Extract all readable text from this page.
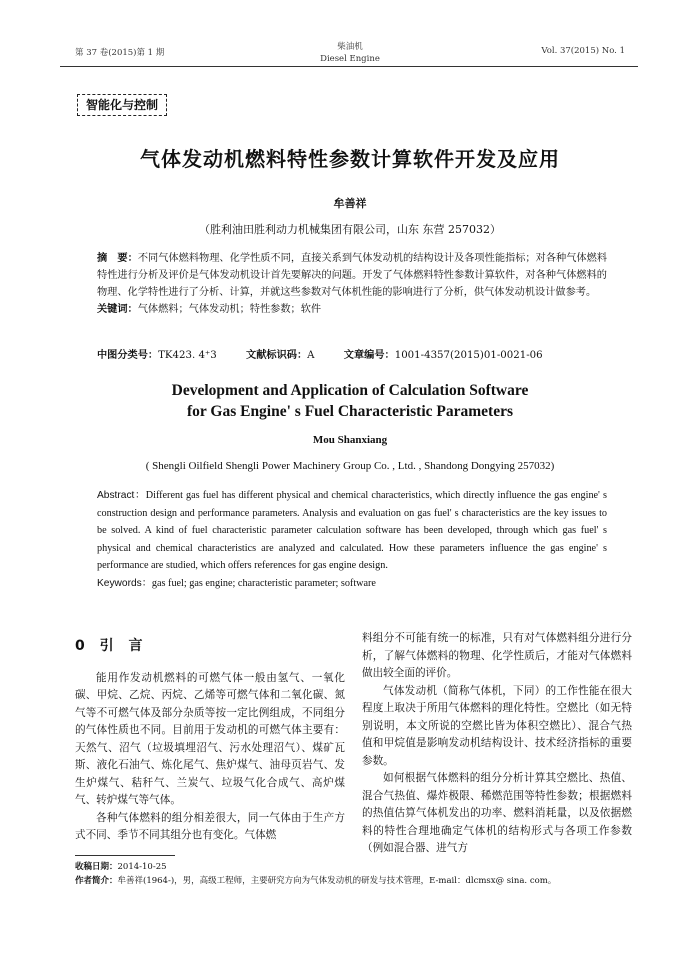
第 37 卷(2015)第 1 期
柴油机
Diesel Engine
Vol. 37(2015) No. 1
智能化与控制
气体发动机燃料特性参数计算软件开发及应用
牟善祥
（胜利油田胜利动力机械集团有限公司，山东 东营 257032）
摘　要：不同气体燃料物理、化学性质不同，直接关系到气体发动机的结构设计及各项性能指标；对各种气体燃料特性进行分析及评价是气体发动机设计首先要解决的问题。开发了气体燃料特性参数计算软件，对各种气体燃料的物理、化学特性进行了分析、计算，并就这些参数对气体机性能的影响进行了分析，供气体发动机设计做参考。
关键词：气体燃料；气体发动机；特性参数；软件
中图分类号：TK423. 4⁺3	文献标识码：A	文章编号：1001-4357(2015)01-0021-06
Development and Application of Calculation Software
for Gas Engine' s Fuel Characteristic Parameters
Mou Shanxiang
( Shengli Oilfield Shengli Power Machinery Group Co. , Ltd. , Shandong Dongying 257032)
Abstract：Different gas fuel has different physical and chemical characteristics, which directly influence the gas engine' s construction design and performance parameters. Analysis and evaluation on gas fuel' s characteristics are the key issues to be solved. A kind of fuel characteristic parameter calculation software has been developed, through which gas fuel' s physical and chemical characteristics are analyzed and calculated. How these parameters influence the gas engine' s performance are studied, which offers references for gas engine design.
Keywords：gas fuel; gas engine; characteristic parameter; software
0 引 言

能用作发动机燃料的可燃气体一般由氢气、一氧化碳、甲烷、乙烷、丙烷、乙烯等可燃气体和二氧化碳、氮气等不可燃气体及部分杂质等按一定比例组成，不同组分的气体性质也不同。目前用于发动机的可燃气体主要有：天然气、沼气（垃圾填埋沼气、污水处理沼气）、煤矿瓦斯、液化石油气、炼化尾气、焦炉煤气、油母页岩气、发生炉煤气、秸秆气、兰炭气、垃圾气化合成气、高炉煤气、转炉煤气等气体。

各种气体燃料的组分相差很大，同一气体由于生产方式不同、季节不同其组分也有变化。气体燃

料组分不可能有统一的标准，只有对气体燃料组分进行分析，了解气体燃料的物理、化学性质后，才能对气体燃料做出较全面的评价。

气体发动机（简称气体机，下同）的工作性能在很大程度上取决于所用气体燃料的理化特性。空燃比（如无特别说明，本文所说的空燃比皆为体积空燃比）、混合气热值和甲烷值是影响发动机结构设计、技术经济指标的重要参数。

如何根据气体燃料的组分分析计算其空燃比、热值、混合气热值、爆炸极限、稀燃范围等特性参数；根据燃料的热值估算气体机发出的功率、燃料消耗量，以及依据燃料的特性合理地确定气体机的结构形式与各项工作参数（例如混合器、进气方

收稿日期：2014-10-25
作者简介：牟善祥(1964-)，男，高级工程师，主要研究方向为气体发动机的研发与技术管理，E-mail：dlcmsx@ sina. com。
